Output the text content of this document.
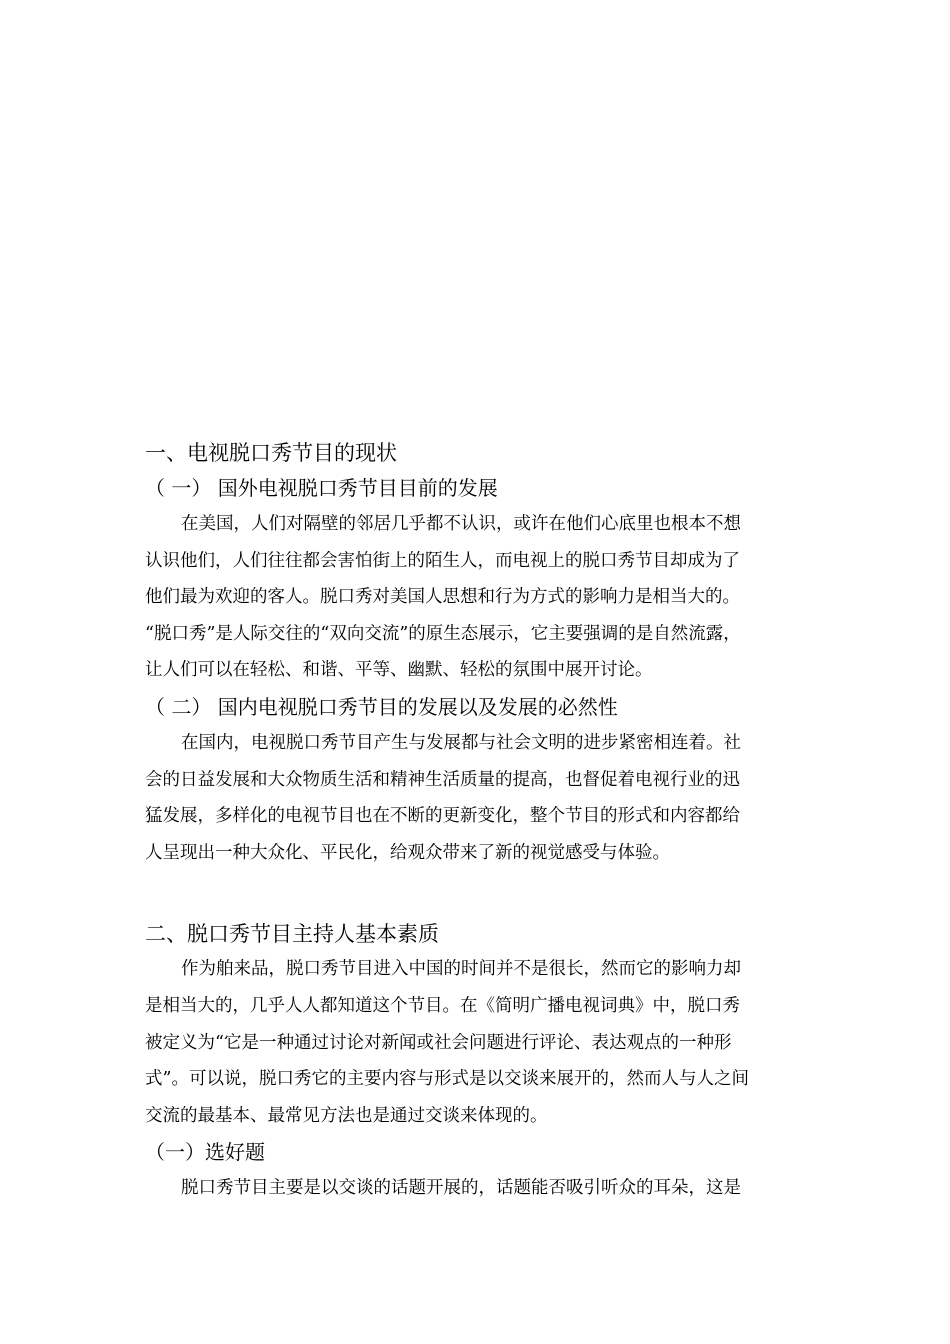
一、电视脱口秀节目的现状
（ 一） 国外电视脱口秀节目目前的发展
在美国，人们对隔壁的邻居几乎都不认识，或许在他们心底里也根本不想
认识他们，人们往往都会害怕街上的陌生人，而电视上的脱口秀节目却成为了
他们最为欢迎的客人。脱口秀对美国人思想和行为方式的影响力是相当大的。
“脱口秀”是人际交往的“双向交流”的原生态展示，它主要强调的是自然流露，
让人们可以在轻松、和谐、平等、幽默、轻松的氛围中展开讨论。
（ 二） 国内电视脱口秀节目的发展以及发展的必然性
在国内，电视脱口秀节目产生与发展都与社会文明的进步紧密相连着。社
会的日益发展和大众物质生活和精神生活质量的提高，也督促着电视行业的迅
猛发展，多样化的电视节目也在不断的更新变化，整个节目的形式和内容都给
人呈现出一种大众化、平民化，给观众带来了新的视觉感受与体验。
二、脱口秀节目主持人基本素质
作为舶来品，脱口秀节目进入中国的时间并不是很长，然而它的影响力却
是相当大的，几乎人人都知道这个节目。在《简明广播电视词典》中，脱口秀
被定义为“它是一种通过讨论对新闻或社会问题进行评论、表达观点的一种形
式”。可以说，脱口秀它的主要内容与形式是以交谈来展开的，然而人与人之间
交流的最基本、最常见方法也是通过交谈来体现的。
（一）选好题
脱口秀节目主要是以交谈的话题开展的，话题能否吸引听众的耳朵，这是
